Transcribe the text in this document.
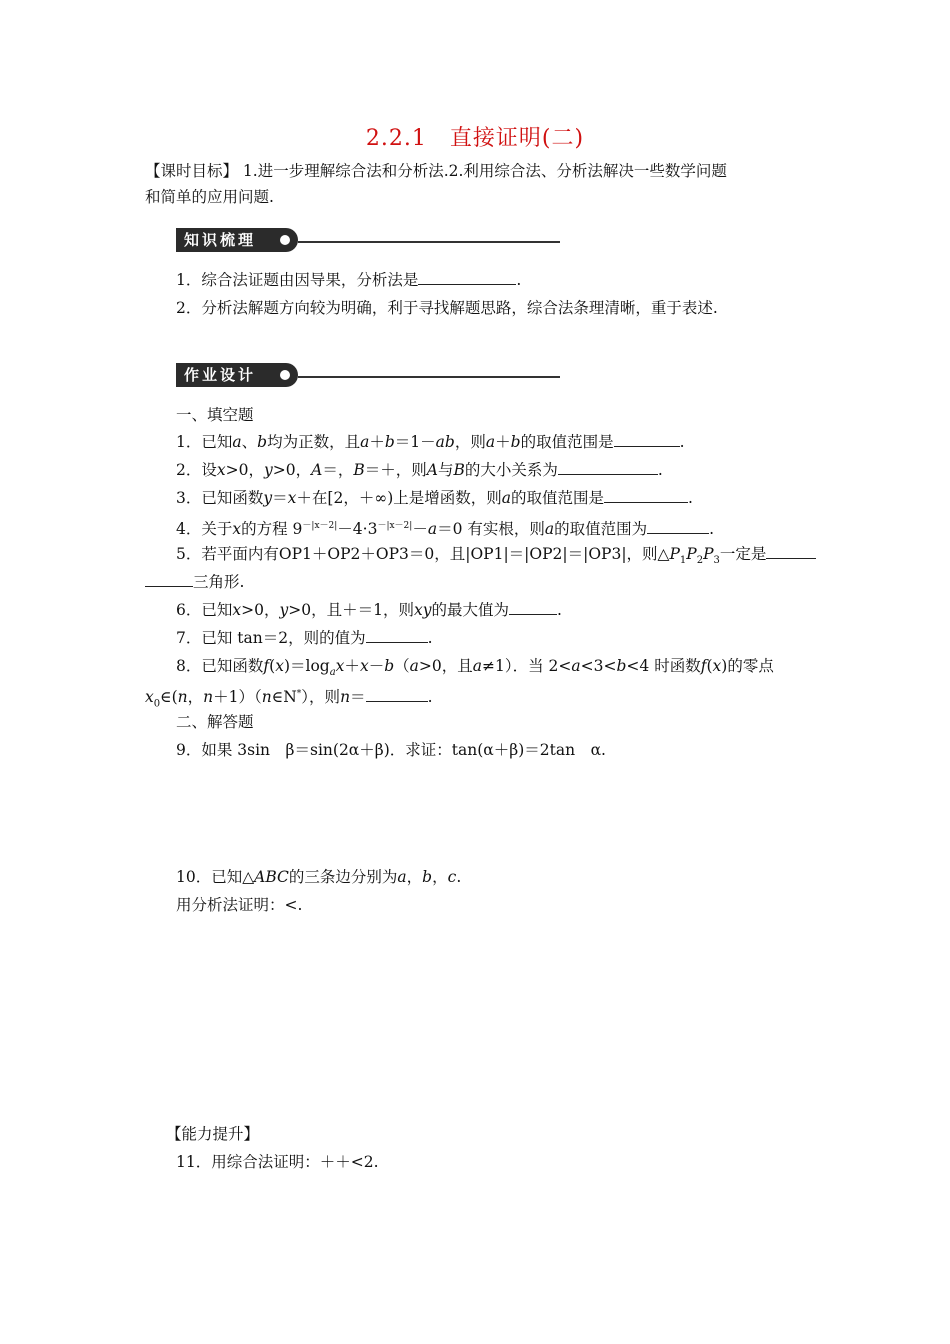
2.2.1　直接证明(二)
【课时目标】 1.进一步理解综合法和分析法.2.利用综合法、分析法解决一些数学问题
和简单的应用问题.
知识梳理
1．综合法证题由因导果，分析法是	.
2．分析法解题方向较为明确，利于寻找解题思路，综合法条理清晰，重于表述.
作业设计
一、填空题
1．已知a、b均为正数，且a＋b＝1－ab，则a＋b的取值范围是	.
2．设x>0，y>0，A＝，B＝＋，则A与B的大小关系为	.
3．已知函数y＝x＋在[2，＋∞)上是增函数，则a的取值范围是	.
4．关于x的方程 $9^{-|x-2|}-4\cdot 3^{-|x-2|}-a=0$ 有实根，则a的取值范围为	.
5．若平面内有OP1＋OP2＋OP3＝0，且|OP1|＝|OP2|＝|OP3|，则$\triangle P_1P_2P_3$一定是
三角形.
6．已知x>0，y>0，且＋＝1，则xy的最大值为	.
7．已知 tan＝2，则的值为	.
8．已知函数$f(x)=\log_ax+x-b(a>0$，且a≠1）．当 2<a<3<b<4 时函数f(x)的零点
$x_0\in(n$，n＋1）（n∈N*），则n＝	.
二、解答题
9．如果 3sin　β＝sin(2α＋β)．求证：tan(α＋β)＝2tan　α.
10．已知△ABC的三条边分别为a，b，c.
用分析法证明：<.
【能力提升】
11．用综合法证明：＋＋<2.
